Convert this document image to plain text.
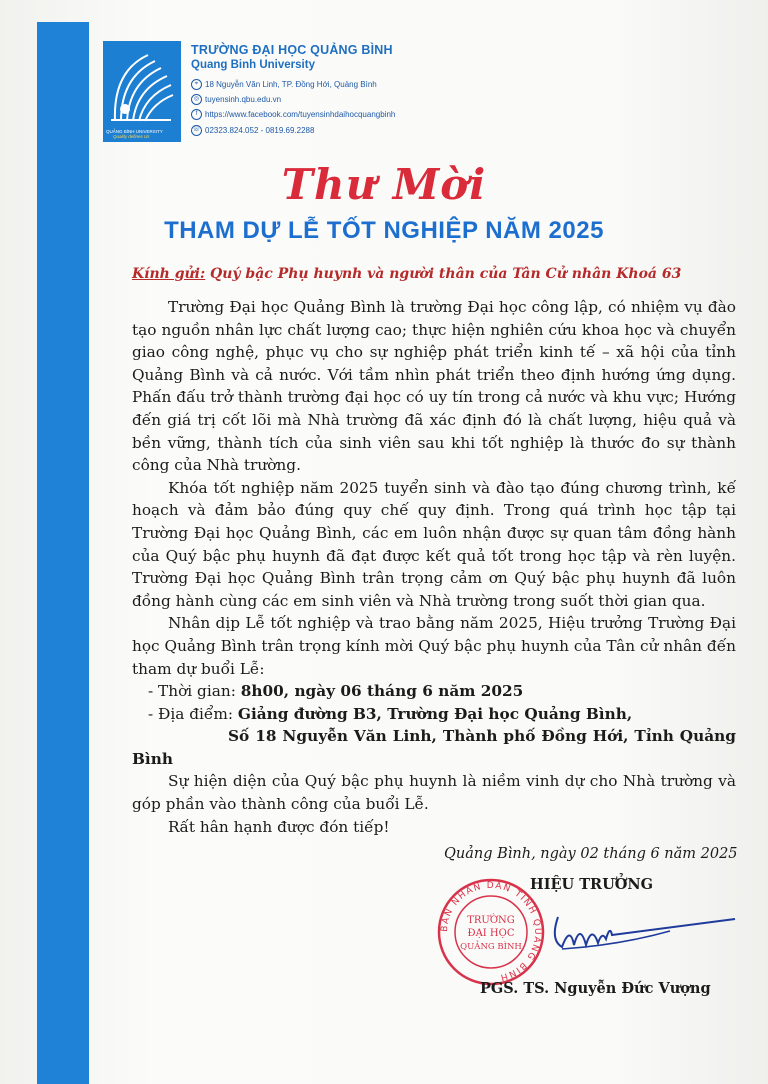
QUẢNG BÌNH UNIVERSITY
Quality defines Us
TRƯỜNG ĐẠI HỌC QUẢNG BÌNH
Quang Binh University
⌖ 18 Nguyễn Văn Linh, TP. Đồng Hới, Quảng Bình
◎ tuyensinh.qbu.edu.vn
f https://www.facebook.com/tuyensinhdaihocquangbinh
☏ 02323.824.052 - 0819.69.2288
Thư Mời
THAM DỰ LỄ TỐT NGHIỆP NĂM 2025
Kính gửi: Quý bậc Phụ huynh và người thân của Tân Cử nhân Khoá 63

Trường Đại học Quảng Bình là trường Đại học công lập, có nhiệm vụ đào tạo nguồn nhân lực chất lượng cao; thực hiện nghiên cứu khoa học và chuyển giao công nghệ, phục vụ cho sự nghiệp phát triển kinh tế – xã hội của tỉnh Quảng Bình và cả nước. Với tầm nhìn phát triển theo định hướng ứng dụng. Phấn đấu trở thành trường đại học có uy tín trong cả nước và khu vực; Hướng đến giá trị cốt lõi mà Nhà trường đã xác định đó là chất lượng, hiệu quả và bền vững, thành tích của sinh viên sau khi tốt nghiệp là thước đo sự thành công của Nhà trường.

Khóa tốt nghiệp năm 2025 tuyển sinh và đào tạo đúng chương trình, kế hoạch và đảm bảo đúng quy chế quy định. Trong quá trình học tập tại Trường Đại học Quảng Bình, các em luôn nhận được sự quan tâm đồng hành của Quý bậc phụ huynh đã đạt được kết quả tốt trong học tập và rèn luyện. Trường Đại học Quảng Bình trân trọng cảm ơn Quý bậc phụ huynh đã luôn đồng hành cùng các em sinh viên và Nhà trường trong suốt thời gian qua.

Nhân dịp Lễ tốt nghiệp và trao bằng năm 2025, Hiệu trưởng Trường Đại học Quảng Bình trân trọng kính mời Quý bậc phụ huynh của Tân cử nhân đến tham dự buổi Lễ:

- Thời gian: 8h00, ngày 06 tháng 6 năm 2025

- Địa điểm: Giảng đường B3, Trường Đại học Quảng Bình,

Số 18 Nguyễn Văn Linh, Thành phố Đồng Hới, Tỉnh Quảng Bình

Sự hiện diện của Quý bậc phụ huynh là niềm vinh dự cho Nhà trường và góp phần vào thành công của buổi Lễ.

Rất hân hạnh được đón tiếp!

Quảng Bình, ngày 02 tháng 6 năm 2025
BAN NHÂN DÂN TỈNH QUẢNG BÌNH
TRƯỜNG
ĐẠI HỌC
QUẢNG BÌNH
HIỆU TRƯỞNG
PGS. TS. Nguyễn Đức Vượng
